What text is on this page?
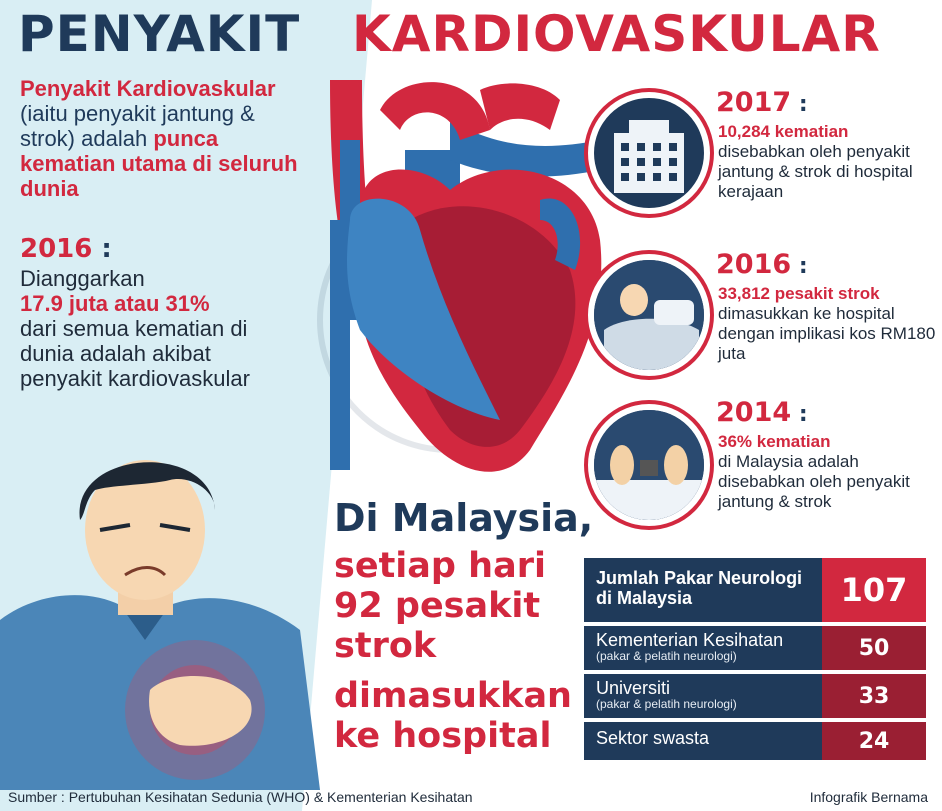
PENYAKIT KARDIOVASKULAR
Penyakit Kardiovaskular (iaitu penyakit jantung & strok) adalah punca kematian utama di seluruh dunia
2016 :
Dianggarkan
17.9 juta atau 31%
dari semua kematian di dunia adalah akibat penyakit kardiovaskular
2017 :
10,284 kematian
disebabkan oleh penyakit jantung & strok di hospital kerajaan
2016 :
33,812 pesakit strok
dimasukkan ke hospital dengan implikasi kos RM180 juta
2014 :
36% kematian
di Malaysia adalah disebabkan oleh penyakit jantung & strok
Di Malaysia,
setiap hari
92 pesakit
strok
dimasukkan
ke hospital
Jumlah Pakar Neurologi di Malaysia	107
Kementerian Kesihatan
(pakar & pelatih neurologi)	50
Universiti
(pakar & pelatih neurologi)	33
Sektor swasta	24
Sumber : Pertubuhan Kesihatan Sedunia (WHO) & Kementerian Kesihatan	Infografik Bernama
